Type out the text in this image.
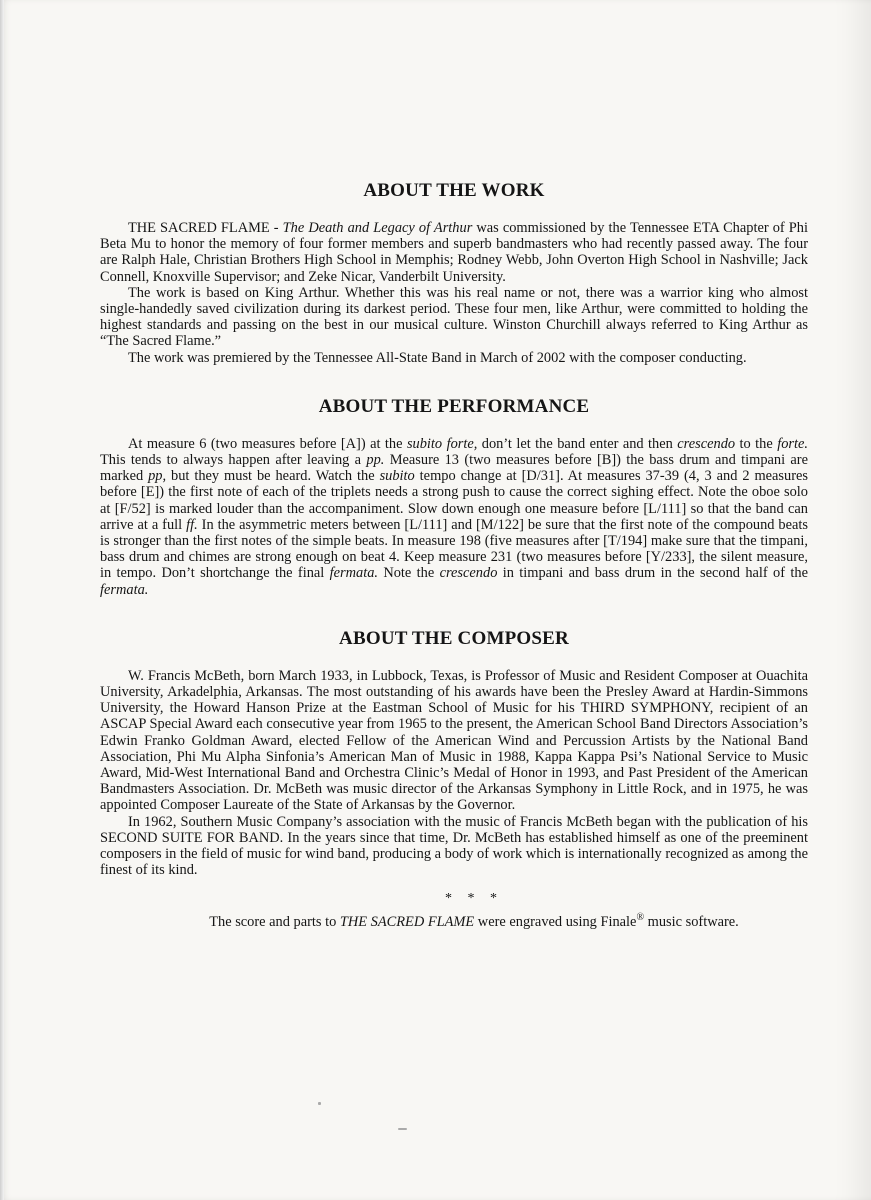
ABOUT THE WORK

THE SACRED FLAME - The Death and Legacy of Arthur was commissioned by the Tennessee ETA Chapter of Phi Beta Mu to honor the memory of four former members and superb bandmasters who had recently passed away. The four are Ralph Hale, Christian Brothers High School in Memphis; Rodney Webb, John Overton High School in Nashville; Jack Connell, Knoxville Supervisor; and Zeke Nicar, Vanderbilt University.

The work is based on King Arthur. Whether this was his real name or not, there was a warrior king who almost single-handedly saved civilization during its darkest period. These four men, like Arthur, were committed to holding the highest standards and passing on the best in our musical culture. Winston Churchill always referred to King Arthur as “The Sacred Flame.”

The work was premiered by the Tennessee All-State Band in March of 2002 with the composer conducting.

ABOUT THE PERFORMANCE

At measure 6 (two measures before [A]) at the subito forte, don’t let the band enter and then crescendo to the forte. This tends to always happen after leaving a pp. Measure 13 (two measures before [B]) the bass drum and timpani are marked pp, but they must be heard. Watch the subito tempo change at [D/31]. At measures 37-39 (4, 3 and 2 measures before [E]) the first note of each of the triplets needs a strong push to cause the correct sighing effect. Note the oboe solo at [F/52] is marked louder than the accompaniment. Slow down enough one measure before [L/111] so that the band can arrive at a full ff. In the asymmetric meters between [L/111] and [M/122] be sure that the first note of the compound beats is stronger than the first notes of the simple beats. In measure 198 (five measures after [T/194] make sure that the timpani, bass drum and chimes are strong enough on beat 4. Keep measure 231 (two measures before [Y/233], the silent measure, in tempo. Don’t shortchange the final fermata. Note the crescendo in timpani and bass drum in the second half of the fermata.

ABOUT THE COMPOSER

W. Francis McBeth, born March 1933, in Lubbock, Texas, is Professor of Music and Resident Composer at Ouachita University, Arkadelphia, Arkansas. The most outstanding of his awards have been the Presley Award at Hardin-Simmons University, the Howard Hanson Prize at the Eastman School of Music for his THIRD SYMPHONY, recipient of an ASCAP Special Award each consecutive year from 1965 to the present, the American School Band Directors Association’s Edwin Franko Goldman Award, elected Fellow of the American Wind and Percussion Artists by the National Band Association, Phi Mu Alpha Sinfonia’s American Man of Music in 1988, Kappa Kappa Psi’s National Service to Music Award, Mid-West International Band and Orchestra Clinic’s Medal of Honor in 1993, and Past President of the American Bandmasters Association. Dr. McBeth was music director of the Arkansas Symphony in Little Rock, and in 1975, he was appointed Composer Laureate of the State of Arkansas by the Governor.

In 1962, Southern Music Company’s association with the music of Francis McBeth began with the publication of his SECOND SUITE FOR BAND. In the years since that time, Dr. McBeth has established himself as one of the preeminent composers in the field of music for wind band, producing a body of work which is internationally recognized as among the finest of its kind.

* * *
The score and parts to THE SACRED FLAME were engraved using Finale® music software.
